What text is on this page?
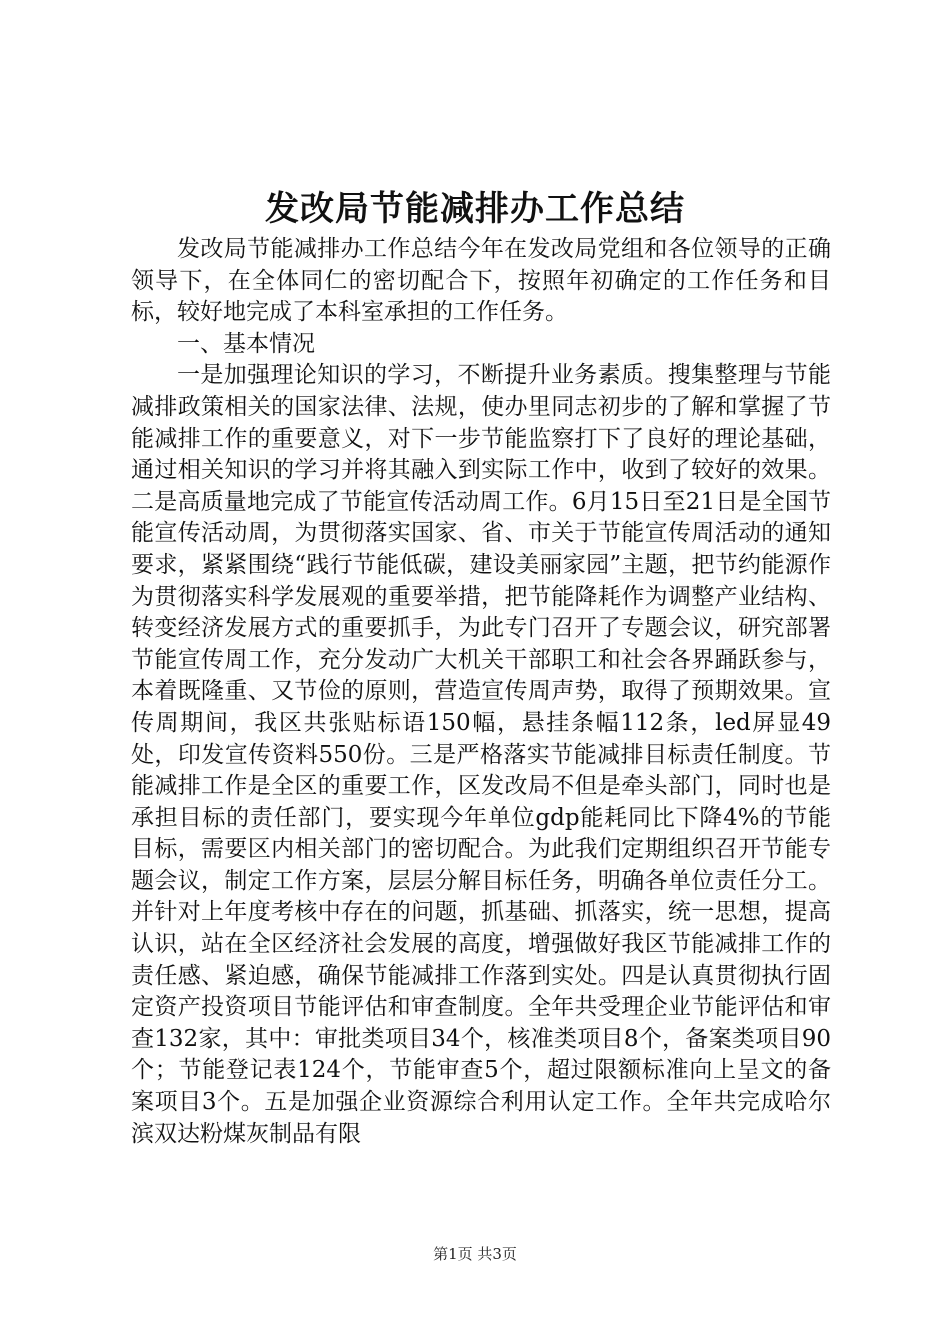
发改局节能减排办工作总结

发改局节能减排办工作总结今年在发改局党组和各位领导的正确领导下，在全体同仁的密切配合下，按照年初确定的工作任务和目标，较好地完成了本科室承担的工作任务。

一、基本情况

一是加强理论知识的学习，不断提升业务素质。搜集整理与节能减排政策相关的国家法律、法规，使办里同志初步的了解和掌握了节能减排工作的重要意义，对下一步节能监察打下了良好的理论基础，通过相关知识的学习并将其融入到实际工作中，收到了较好的效果。二是高质量地完成了节能宣传活动周工作。6月15日至21日是全国节能宣传活动周，为贯彻落实国家、省、市关于节能宣传周活动的通知要求，紧紧围绕“践行节能低碳，建设美丽家园”主题，把节约能源作为贯彻落实科学发展观的重要举措，把节能降耗作为调整产业结构、转变经济发展方式的重要抓手，为此专门召开了专题会议，研究部署节能宣传周工作，充分发动广大机关干部职工和社会各界踊跃参与，本着既隆重、又节俭的原则，营造宣传周声势，取得了预期效果。宣传周期间，我区共张贴标语150幅，悬挂条幅112条，led屏显49处，印发宣传资料550份。三是严格落实节能减排目标责任制度。节能减排工作是全区的重要工作，区发改局不但是牵头部门，同时也是承担目标的责任部门，要实现今年单位gdp能耗同比下降4%的节能目标，需要区内相关部门的密切配合。为此我们定期组织召开节能专题会议，制定工作方案，层层分解目标任务，明确各单位责任分工。并针对上年度考核中存在的问题，抓基础、抓落实，统一思想，提高认识，站在全区经济社会发展的高度，增强做好我区节能减排工作的责任感、紧迫感，确保节能减排工作落到实处。四是认真贯彻执行固定资产投资项目节能评估和审查制度。全年共受理企业节能评估和审查132家，其中：审批类项目34个，核准类项目8个，备案类项目90个；节能登记表124个，节能审查5个，超过限额标准向上呈文的备案项目3个。五是加强企业资源综合利用认定工作。全年共完成哈尔滨双达粉煤灰制品有限

第1页 共3页
